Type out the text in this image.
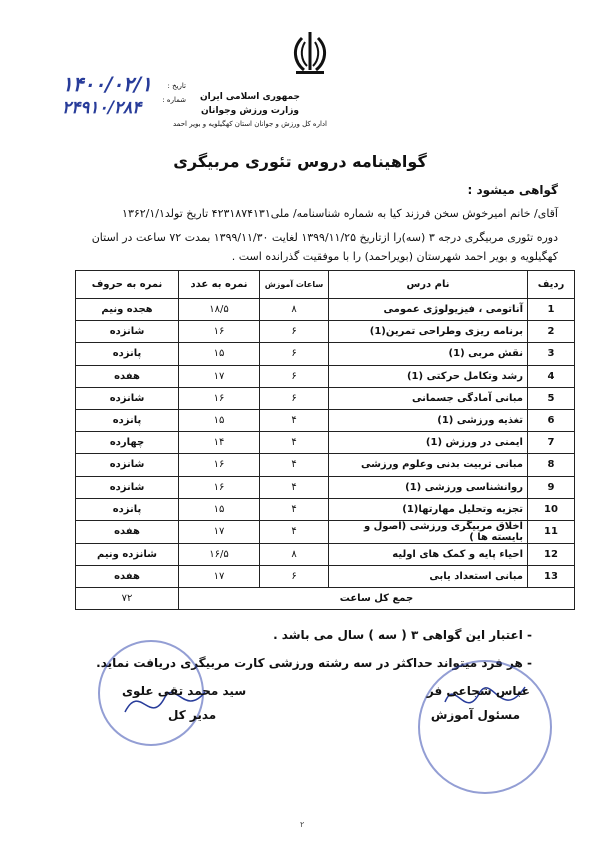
جمهوری اسلامی ایران
وزارت ورزش وجوانان
اداره کل ورزش و جوانان استان کهگیلویه و بویر احمد
تاریخ :
شماره :
۱۴۰۰/۰۲/۱
۲۴۹۱۰/۲۸۴
گواهینامه دروس تئوری مربیگری
گواهی میشود :
آقای/ خانم امیرخوش سخن فرزند کیا به شماره شناسنامه/ ملی۴۲۳۱۸۷۴۱۳۱ تاریخ تولد۱۳۶۲/۱/۱
دوره تئوری مربیگری درجه ۳ (سه)را ازتاریخ ۱۳۹۹/۱۱/۲۵ لغایت ۱۳۹۹/۱۱/۳۰ بمدت ۷۲ ساعت در استان
کهگیلویه و بویر احمد شهرستان (بویراحمد) را با موفقیت گذرانده است .
ردیف	نام درس	ساعات آموزش	نمره به عدد	نمره به حروف
1	آناتومی ، فیزیولوژی عمومی	۸	۱۸/۵	هجده ونیم
2	برنامه ریزی وطراحی تمرین(1)	۶	۱۶	شانزده
3	نقش مربی (1)	۶	۱۵	پانزده
4	رشد وتکامل حرکتی (1)	۶	۱۷	هفده
5	مبانی آمادگی جسمانی	۶	۱۶	شانزده
6	تغذیه ورزشی (1)	۴	۱۵	پانزده
7	ایمنی در ورزش (1)	۴	۱۴	چهارده
8	مبانی تربیت بدنی وعلوم ورزشی	۴	۱۶	شانزده
9	روانشناسی ورزشی (1)	۴	۱۶	شانزده
10	تجزیه وتحلیل مهارتها(1)	۴	۱۵	پانزده
11	اخلاق مربیگری ورزشی (اصول و بایسته ها )	۴	۱۷	هفده
12	احیاء پایه و کمک های اولیه	۸	۱۶/۵	شانزده ونیم
13	مبانی استعداد یابی	۶	۱۷	هفده
جمع کل ساعت				۷۲
- اعتبار این گواهی ۳ ( سه ) سال می باشد .
- هر فرد میتواند حداکثر در سه رشته ورزشی کارت مربیگری دریافت نماید.
عباس شجاعی فر
مسئول آموزش
سید محمد تقی علوی
مدیر کل
۲
